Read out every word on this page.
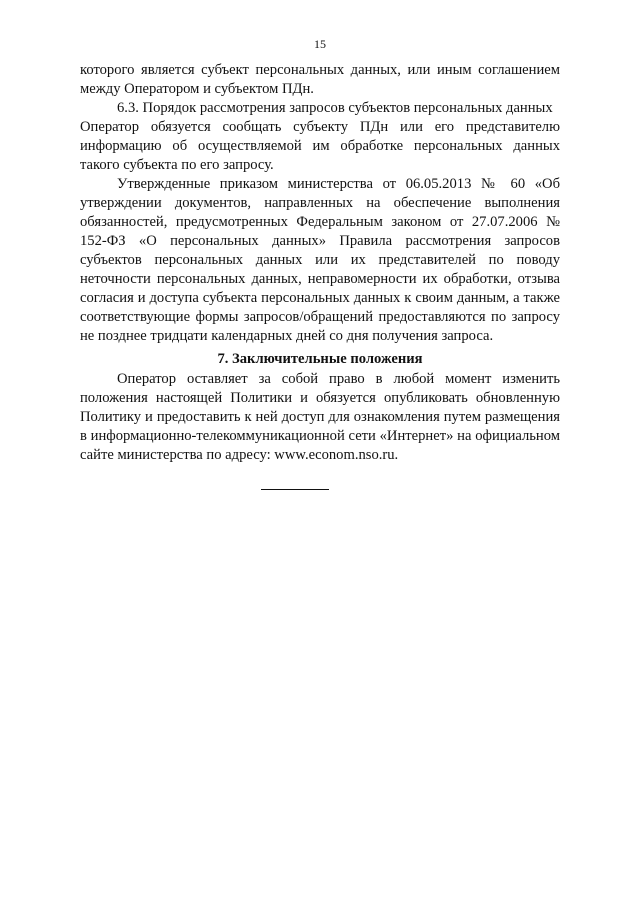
15

которого является субъект персональных данных, или иным соглашением между Оператором и субъектом ПДн.

6.3. Порядок рассмотрения запросов субъектов персональных данных

Оператор обязуется сообщать субъекту ПДн или его представителю информацию об осуществляемой им обработке персональных данных такого субъекта по его запросу.

Утвержденные приказом министерства от 06.05.2013 № 60 «Об утверждении документов, направленных на обеспечение выполнения обязанностей, предусмотренных Федеральным законом от 27.07.2006 № 152-ФЗ «О персональных данных» Правила рассмотрения запросов субъектов персональных данных или их представителей по поводу неточности персональных данных, неправомерности их обработки, отзыва согласия и доступа субъекта персональных данных к своим данным, а также соответствующие формы запросов/обращений предоставляются по запросу не позднее тридцати календарных дней со дня получения запроса.

7. Заключительные положения

Оператор оставляет за собой право в любой момент изменить положения настоящей Политики и обязуется опубликовать обновленную Политику и предоставить к ней доступ для ознакомления путем размещения в информационно-телекоммуникационной сети «Интернет» на официальном сайте министерства по адресу: www.econom.nso.ru.
